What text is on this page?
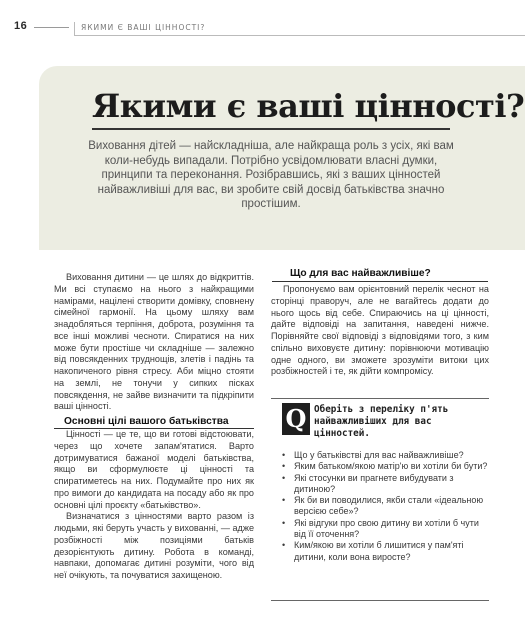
16	ЯКИМИ Є ВАШІ ЦІННОСТІ?
Якими є ваші цінності?
Виховання дітей — найскладніша, але найкраща роль з усіх, які вам коли-небудь випадали. Потрібно усвідомлювати власні думки, принципи та переконання. Розібравшись, які з ваших цінностей найважливіші для вас, ви зробите свій досвід батьківства значно простішим.

Виховання дитини — це шлях до відкриттів. Ми всі ступаємо на нього з найкращими намірами, націлені створити домівку, сповнену сімейної гармонії. На цьому шляху вам знадобляться терпіння, доброта, розуміння та все інші можливі чесноти. Спиратися на них може бути простіше чи складніше — залежно від повсякденних труднощів, злетів і падінь та накопиченого рівня стресу. Аби міцно стояти на землі, не тонучи у сипких пісках повсякдення, не зайве визначити та підкріпити ваші цінності.

Основні цілі вашого батьківства

Цінності — це те, що ви готові відстоювати, через що хочете запам'ятатися. Варто дотримуватися бажаної моделі батьківства, якщо ви сформулюєте ці цінності та спиратиметесь на них. Подумайте про них як про вимоги до кандидата на посаду або як про основні цілі проєкту «батьківство».

Визначатися з цінностями варто разом із людьми, які беруть участь у вихованні, — адже розбіжності між позиціями батьків дезорієнтують дитину. Робота в команді, навпаки, допомагає дитині розуміти, чого від неї очікують, та почуватися захищеною.

Що для вас найважливіше?

Пропонуємо вам орієнтовний перелік чеснот на сторінці праворуч, але не вагайтесь додати до нього щось від себе. Спираючись на ці цінності, дайте відповіді на запитання, наведені нижче. Порівняйте свої відповіді з відповідями того, з ким спільно виховуєте дитину: порівнюючи мотивацію одне одного, ви зможете зрозуміти витоки цих розбіжностей і те, як дійти компромісу.

Q Оберіть з переліку п'ять найважливіших для вас цінностей.
• Що у батьківстві для вас найважливіше?
• Яким батьком/якою матір'ю ви хотіли би бути?
• Які стосунки ви прагнете вибудувати з дитиною?
• Як би ви поводилися, якби стали «ідеальною версією себе»?
• Які відгуки про свою дитину ви хотіли б чути від її оточення?
• Ким/якою ви хотіли б лишитися у пам'яті дитини, коли вона виросте?
